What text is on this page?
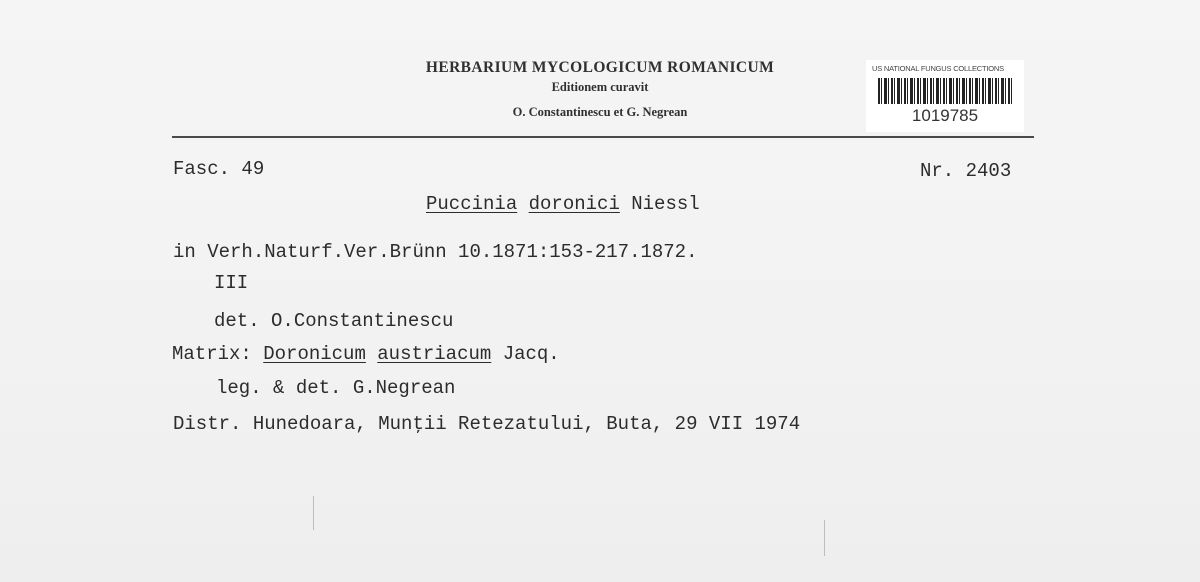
HERBARIUM MYCOLOGICUM ROMANICUM
Editionem curavit
O. Constantinescu et G. Negrean
US NATIONAL FUNGUS COLLECTIONS
1019785
Fasc. 49	Nr. 2403
Puccinia doronici Niessl
in Verh.Naturf.Ver.Brünn 10.1871:153-217.1872.
III
det. O.Constantinescu
Matrix: Doronicum austriacum Jacq.
leg. & det. G.Negrean
Distr. Hunedoara, Munţii Retezatului, Buta, 29 VII 1974
